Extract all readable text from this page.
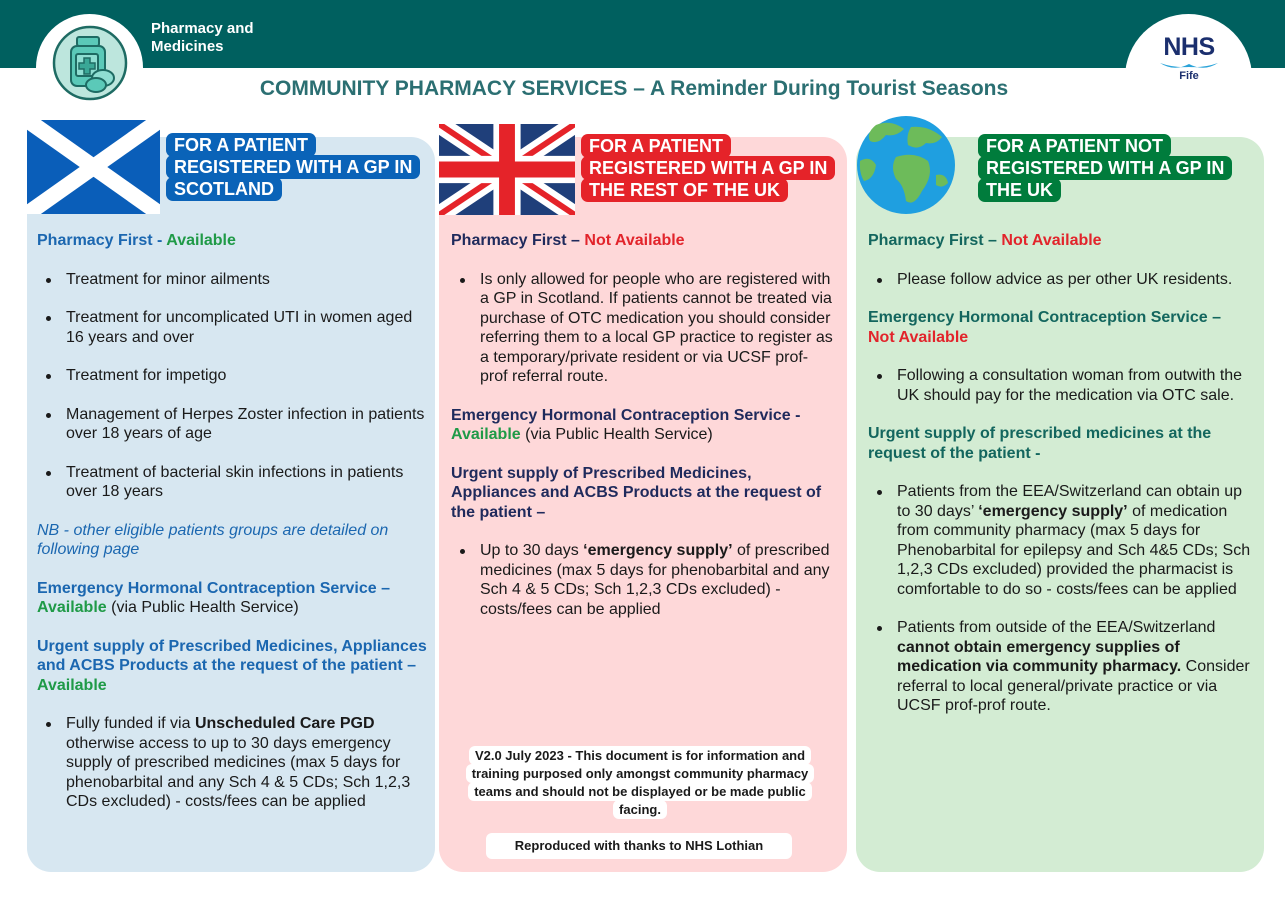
Pharmacy and
Medicines	NHS
Fife
COMMUNITY PHARMACY SERVICES – A Reminder During Tourist Seasons
FOR A PATIENT
REGISTERED WITH A GP IN
SCOTLAND
FOR A PATIENT
REGISTERED WITH A GP IN
THE REST OF THE UK
FOR A PATIENT NOT
REGISTERED WITH A GP IN
THE UK
Pharmacy First - Available
Treatment for minor ailments
Treatment for uncomplicated UTI in women aged 16 years and over
Treatment for impetigo
Management of Herpes Zoster infection in patients over 18 years of age
Treatment of bacterial skin infections in patients over 18 years
NB - other eligible patients groups are detailed on following page
Emergency Hormonal Contraception Service –
Available (via Public Health Service)
Urgent supply of Prescribed Medicines, Appliances and ACBS Products at the request of the patient – Available
Fully funded if via Unscheduled Care PGD otherwise access to up to 30 days emergency supply of prescribed medicines (max 5 days for phenobarbital and any Sch 4 & 5 CDs; Sch 1,2,3 CDs excluded) - costs/fees can be applied
Pharmacy First – Not Available
Is only allowed for people who are registered with a GP in Scotland. If patients cannot be treated via purchase of OTC medication you should consider referring them to a local GP practice to register as a temporary/private resident or via UCSF prof-prof referral route.
Emergency Hormonal Contraception Service -
Available (via Public Health Service)
Urgent supply of Prescribed Medicines, Appliances and ACBS Products at the request of the patient –
Up to 30 days ‘emergency supply’ of prescribed medicines (max 5 days for phenobarbital and any Sch 4 & 5 CDs; Sch 1,2,3 CDs excluded) - costs/fees can be applied
V2.0 July 2023 - This document is for information and training purposed only amongst community pharmacy teams and should not be displayed or be made public facing.
Reproduced with thanks to NHS Lothian
Pharmacy First – Not Available
Please follow advice as per other UK residents.
Emergency Hormonal Contraception Service –
Not Available
Following a consultation woman from outwith the UK should pay for the medication via OTC sale.
Urgent supply of prescribed medicines at the request of the patient -
Patients from the EEA/Switzerland can obtain up to 30 days’ ‘emergency supply’ of medication from community pharmacy (max 5 days for Phenobarbital for epilepsy and Sch 4&5 CDs; Sch 1,2,3 CDs excluded) provided the pharmacist is comfortable to do so - costs/fees can be applied
Patients from outside of the EEA/Switzerland cannot obtain emergency supplies of medication via community pharmacy. Consider referral to local general/private practice or via UCSF prof-prof route.
